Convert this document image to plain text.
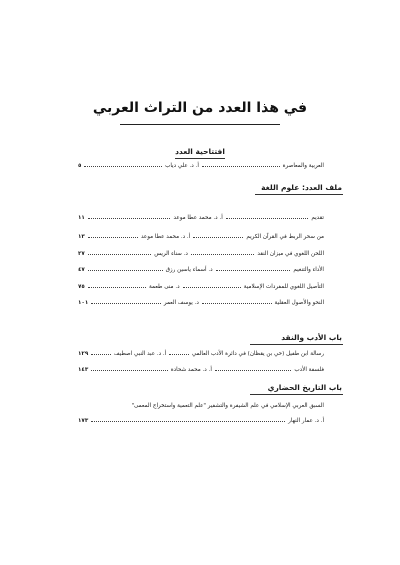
في هذا العدد من التراث العربي
افتتاحية العدد
العربية والمعاصرة
أ. د. علي دياب
٥
ملف العدد: علوم اللغة
تقديم
أ. د. محمد عطا موعد
١١
من سحر الربط في القرآن الكريم
أ. د. محمد عطا موعد
١٣
اللحن اللغوي في ميزان النقد
د. سناء الريس
٢٧
الأداء والتنغيم
د. أسماء ياسين رزق
٤٧
التأصيل اللغوي للمفردات الإسلامية
د. منى طعمة
٧٥
النحو والأصول العقلية
د. يوسف العمر
١٠١
باب الأدب والنقد
رسالة ابن طفيل (حي بن يقظان) في دائرة الأدب العالمي
أ. د. عبد النبي اصطيف
١٢٩
فلسفة الأدب
أ. د. محمد شحادة
١٤٣
باب التاريخ الحضاري
السبق العربي الإسلامي في علم الشيفرة والتشفير "علم التعمية واستخراج المعمى"
أ. د. عمار النهار
١٧٣
